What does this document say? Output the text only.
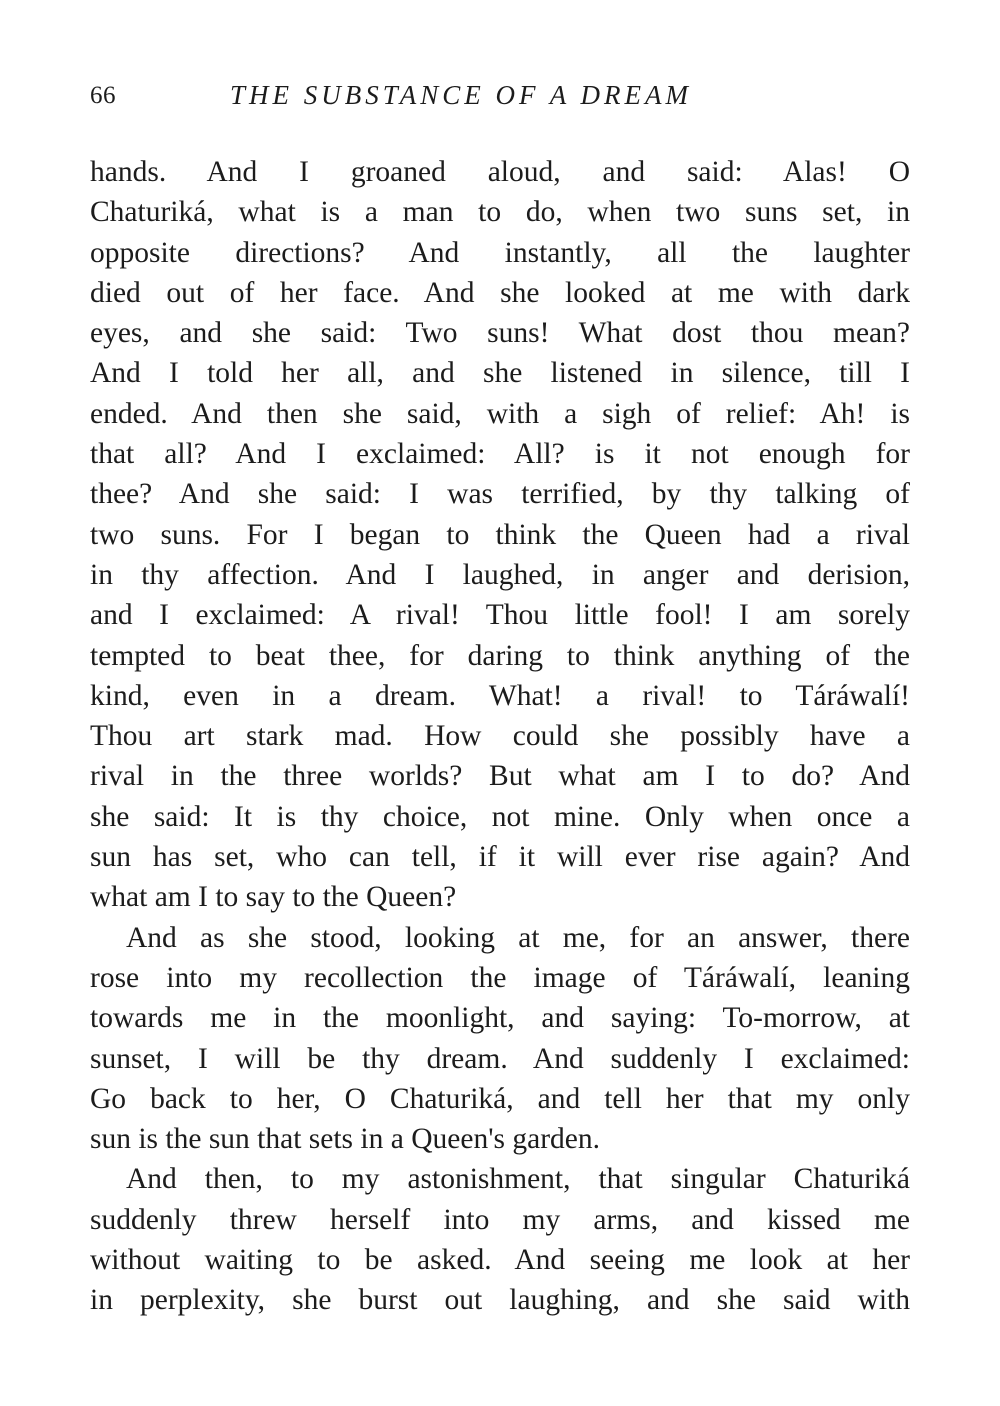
66	THE SUBSTANCE OF A DREAM
hands. And I groaned aloud, and said: Alas! O
Chaturiká, what is a man to do, when two suns set, in
opposite directions? And instantly, all the laughter
died out of her face. And she looked at me with dark
eyes, and she said: Two suns! What dost thou mean?
And I told her all, and she listened in silence, till I
ended. And then she said, with a sigh of relief: Ah! is
that all? And I exclaimed: All? is it not enough for
thee? And she said: I was terrified, by thy talking of
two suns. For I began to think the Queen had a rival
in thy affection. And I laughed, in anger and derision,
and I exclaimed: A rival! Thou little fool! I am sorely
tempted to beat thee, for daring to think anything of the
kind, even in a dream. What! a rival! to Táráwalí!
Thou art stark mad. How could she possibly have a
rival in the three worlds? But what am I to do? And
she said: It is thy choice, not mine. Only when once a
sun has set, who can tell, if it will ever rise again? And
what am I to say to the Queen?
And as she stood, looking at me, for an answer, there
rose into my recollection the image of Táráwalí, leaning
towards me in the moonlight, and saying: To-morrow, at
sunset, I will be thy dream. And suddenly I exclaimed:
Go back to her, O Chaturiká, and tell her that my only
sun is the sun that sets in a Queen's garden.
And then, to my astonishment, that singular Chaturiká
suddenly threw herself into my arms, and kissed me
without waiting to be asked. And seeing me look at her
in perplexity, she burst out laughing, and she said with
